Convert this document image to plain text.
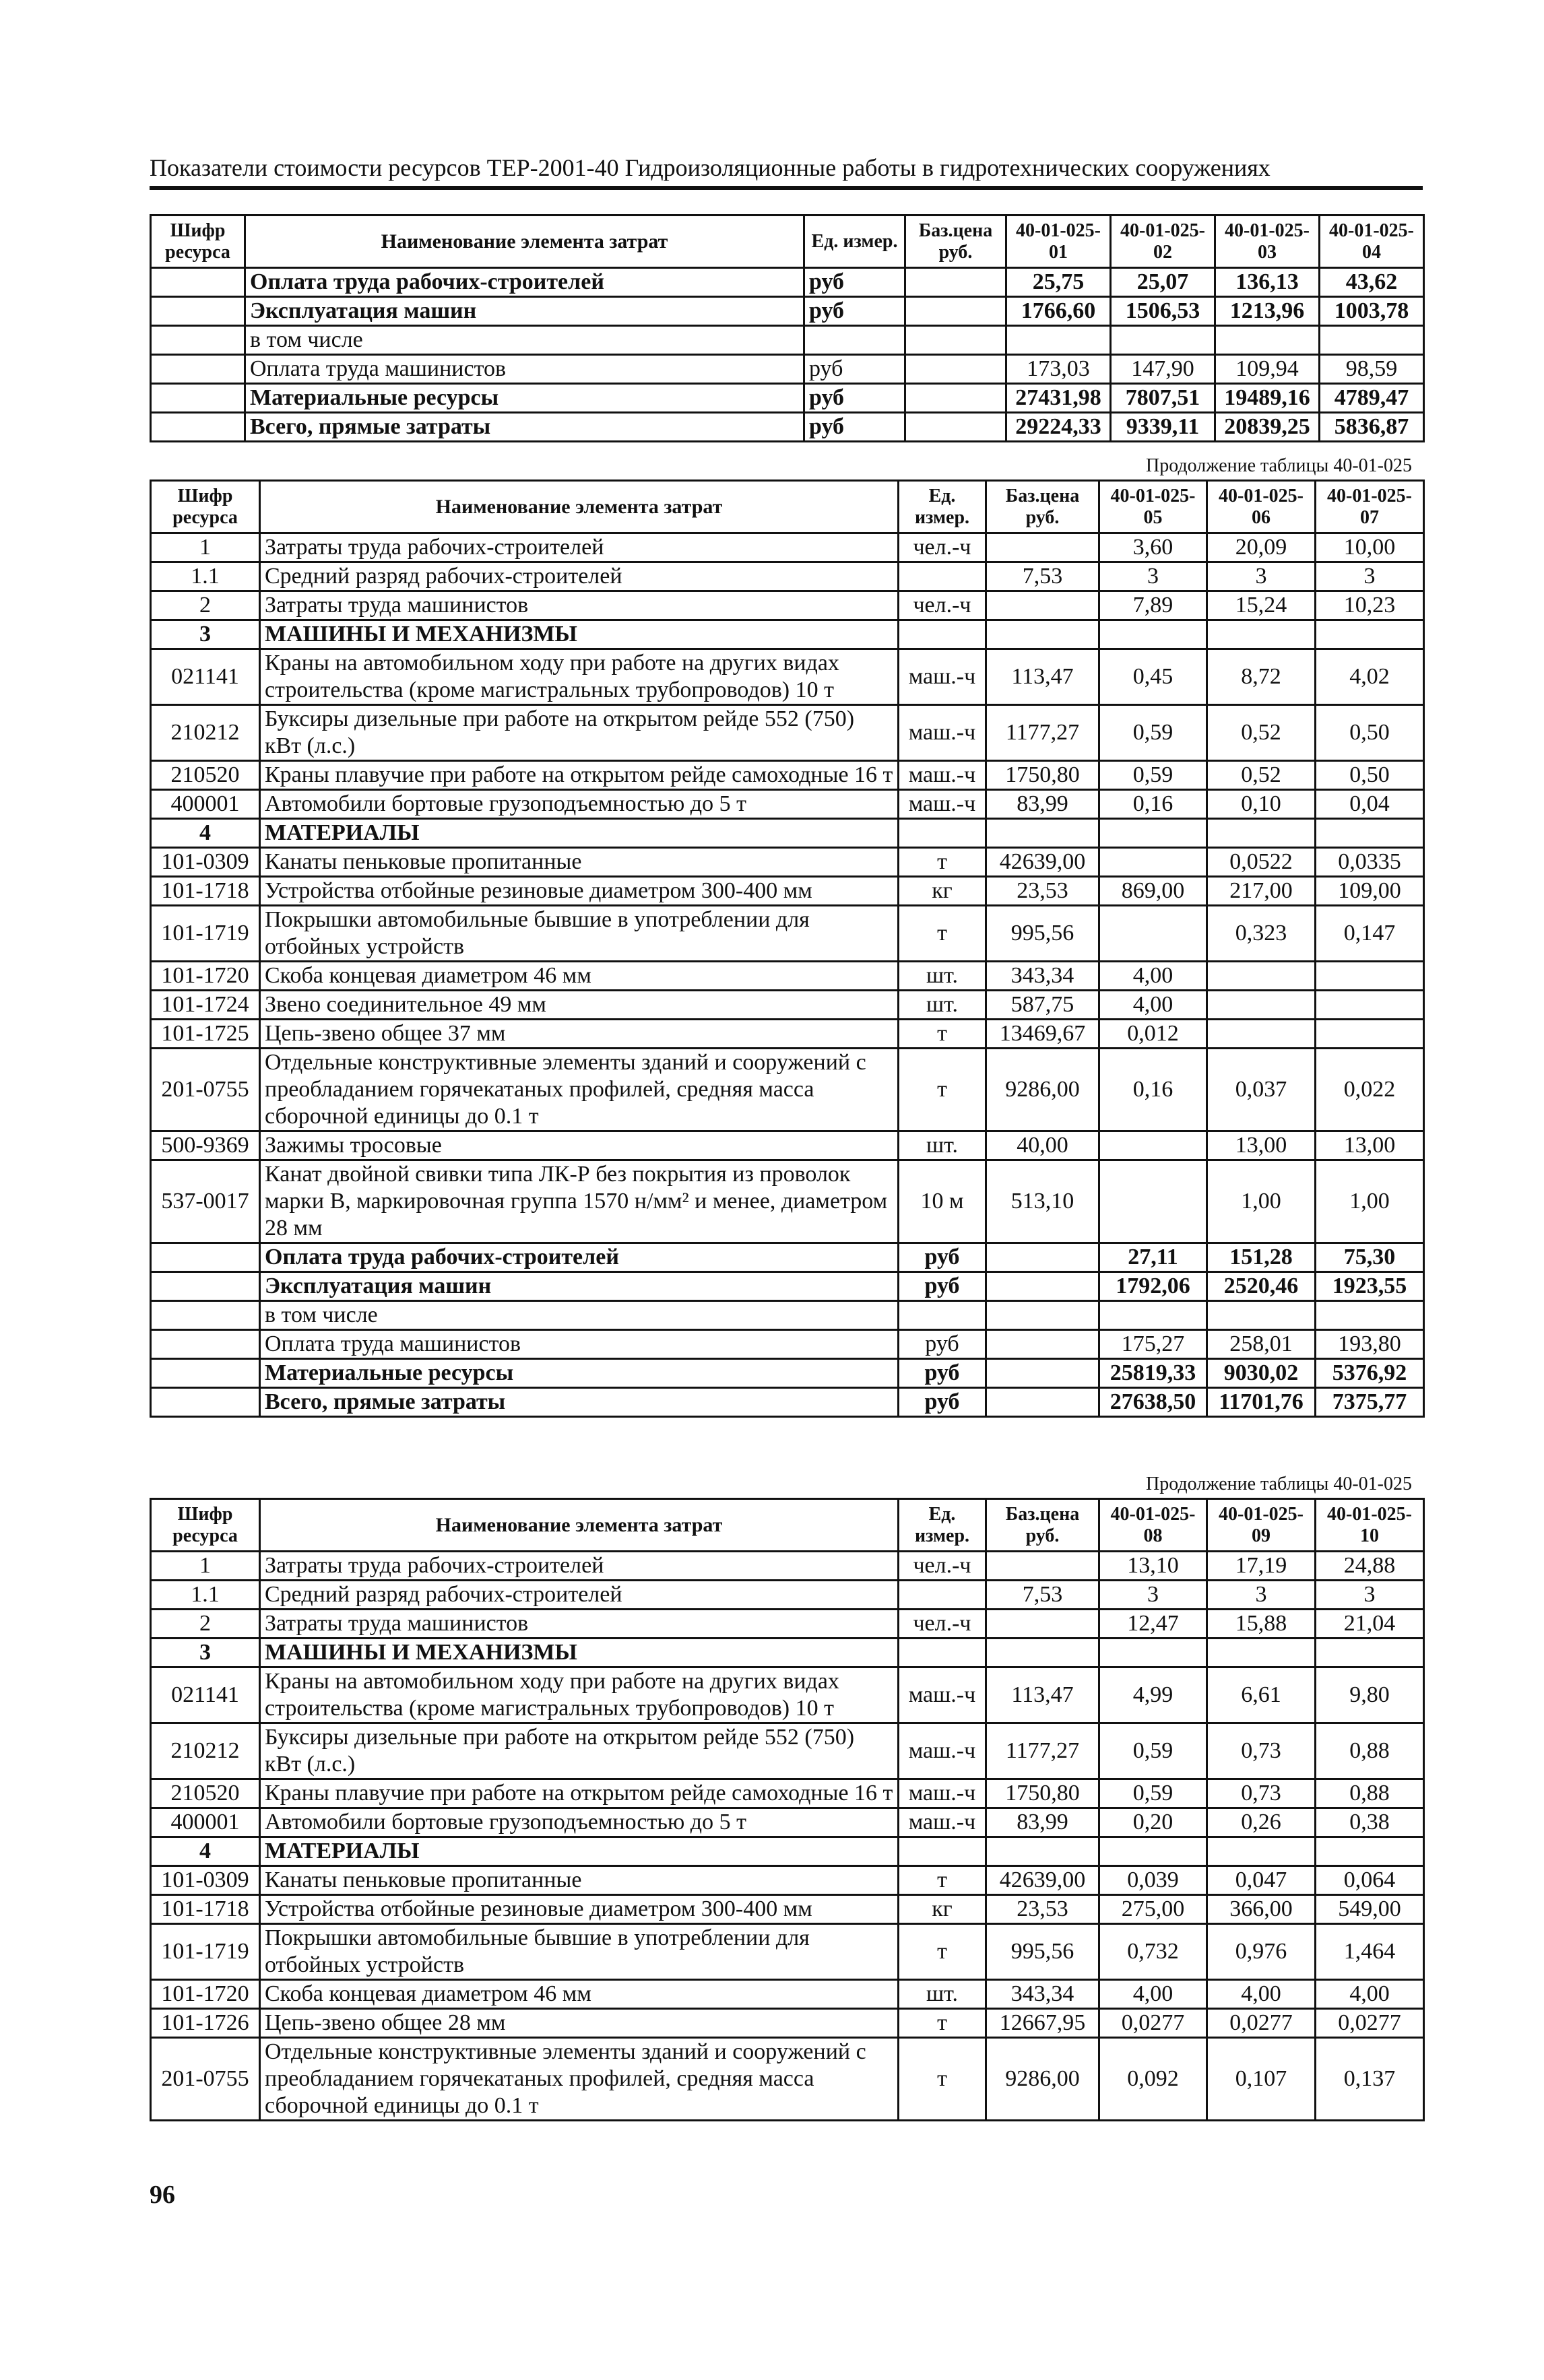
Показатели стоимости ресурсов ТЕР-2001-40 Гидроизоляционные работы в гидротехнических сооружениях
Шифр ресурса	Наименование элемента затрат	Ед. измер.	Баз.цена руб.	40-01-025-01	40-01-025-02	40-01-025-03	40-01-025-04
	Оплата труда рабочих-строителей	руб		25,75	25,07	136,13	43,62
	Эксплуатация машин	руб		1766,60	1506,53	1213,96	1003,78
	в том числе						
	Оплата труда машинистов	руб		173,03	147,90	109,94	98,59
	Материальные ресурсы	руб		27431,98	7807,51	19489,16	4789,47
	Всего, прямые затраты	руб		29224,33	9339,11	20839,25	5836,87
Продолжение таблицы 40-01-025
Шифр ресурса	Наименование элемента затрат	Ед. измер.	Баз.цена руб.	40-01-025-05	40-01-025-06	40-01-025-07
1	Затраты труда рабочих-строителей	чел.-ч		3,60	20,09	10,00
1.1	Средний разряд рабочих-строителей		7,53	3	3	3
2	Затраты труда машинистов	чел.-ч		7,89	15,24	10,23
3	МАШИНЫ И МЕХАНИЗМЫ					
021141	Краны на автомобильном ходу при работе на других видах строительства (кроме магистральных трубопроводов) 10 т	маш.-ч	113,47	0,45	8,72	4,02
210212	Буксиры дизельные при работе на открытом рейде 552 (750) кВт (л.с.)	маш.-ч	1177,27	0,59	0,52	0,50
210520	Краны плавучие при работе на открытом рейде самоходные 16 т	маш.-ч	1750,80	0,59	0,52	0,50
400001	Автомобили бортовые грузоподъемностью до 5 т	маш.-ч	83,99	0,16	0,10	0,04
4	МАТЕРИАЛЫ					
101-0309	Канаты пеньковые пропитанные	т	42639,00		0,0522	0,0335
101-1718	Устройства отбойные резиновые диаметром 300-400 мм	кг	23,53	869,00	217,00	109,00
101-1719	Покрышки автомобильные бывшие в употреблении для отбойных устройств	т	995,56		0,323	0,147
101-1720	Скоба концевая диаметром 46 мм	шт.	343,34	4,00		
101-1724	Звено соединительное 49 мм	шт.	587,75	4,00		
101-1725	Цепь-звено общее 37 мм	т	13469,67	0,012		
201-0755	Отдельные конструктивные элементы зданий и сооружений с преобладанием горячекатаных профилей, средняя масса сборочной единицы до 0.1 т	т	9286,00	0,16	0,037	0,022
500-9369	Зажимы тросовые	шт.	40,00		13,00	13,00
537-0017	Канат двойной свивки типа ЛК-Р без покрытия из проволок марки В, маркировочная группа 1570 н/мм² и менее, диаметром 28 мм	10 м	513,10		1,00	1,00
	Оплата труда рабочих-строителей	руб		27,11	151,28	75,30
	Эксплуатация машин	руб		1792,06	2520,46	1923,55
	в том числе					
	Оплата труда машинистов	руб		175,27	258,01	193,80
	Материальные ресурсы	руб		25819,33	9030,02	5376,92
	Всего, прямые затраты	руб		27638,50	11701,76	7375,77
Продолжение таблицы 40-01-025
Шифр ресурса	Наименование элемента затрат	Ед. измер.	Баз.цена руб.	40-01-025-08	40-01-025-09	40-01-025-10
1	Затраты труда рабочих-строителей	чел.-ч		13,10	17,19	24,88
1.1	Средний разряд рабочих-строителей		7,53	3	3	3
2	Затраты труда машинистов	чел.-ч		12,47	15,88	21,04
3	МАШИНЫ И МЕХАНИЗМЫ					
021141	Краны на автомобильном ходу при работе на других видах строительства (кроме магистральных трубопроводов) 10 т	маш.-ч	113,47	4,99	6,61	9,80
210212	Буксиры дизельные при работе на открытом рейде 552 (750) кВт (л.с.)	маш.-ч	1177,27	0,59	0,73	0,88
210520	Краны плавучие при работе на открытом рейде самоходные 16 т	маш.-ч	1750,80	0,59	0,73	0,88
400001	Автомобили бортовые грузоподъемностью до 5 т	маш.-ч	83,99	0,20	0,26	0,38
4	МАТЕРИАЛЫ					
101-0309	Канаты пеньковые пропитанные	т	42639,00	0,039	0,047	0,064
101-1718	Устройства отбойные резиновые диаметром 300-400 мм	кг	23,53	275,00	366,00	549,00
101-1719	Покрышки автомобильные бывшие в употреблении для отбойных устройств	т	995,56	0,732	0,976	1,464
101-1720	Скоба концевая диаметром 46 мм	шт.	343,34	4,00	4,00	4,00
101-1726	Цепь-звено общее 28 мм	т	12667,95	0,0277	0,0277	0,0277
201-0755	Отдельные конструктивные элементы зданий и сооружений с преобладанием горячекатаных профилей, средняя масса сборочной единицы до 0.1 т	т	9286,00	0,092	0,107	0,137
96
